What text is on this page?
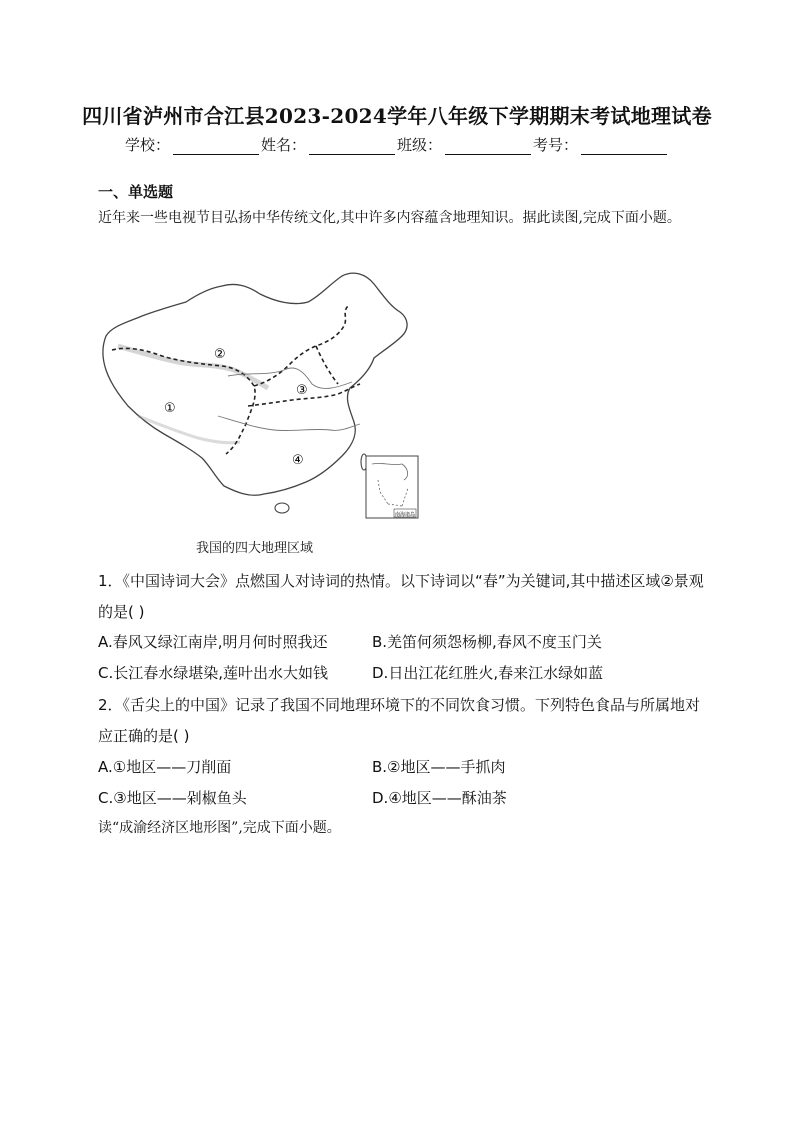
四川省泸州市合江县2023-2024学年八年级下学期期末考试地理试卷
学校：	姓名：	班级：	考号：
一、单选题
近年来一些电视节目弘扬中华传统文化,其中许多内容蕴含地理知识。据此读图,完成下面小题。
①
②
③
④
南海诸岛
我国的四大地理区域
1．《中国诗词大会》点燃国人对诗词的热情。以下诗词以“春”为关键词,其中描述区域②景观的是( )
A.春风又绿江南岸,明月何时照我还	B.羌笛何须怨杨柳,春风不度玉门关
C.长江春水绿堪染,莲叶出水大如钱	D.日出江花红胜火,春来江水绿如蓝
2．《舌尖上的中国》记录了我国不同地理环境下的不同饮食习惯。下列特色食品与所属地对应正确的是( )
A.①地区——刀削面	B.②地区——手抓肉
C.③地区——剁椒鱼头	D.④地区——酥油茶
读“成渝经济区地形图”,完成下面小题。
